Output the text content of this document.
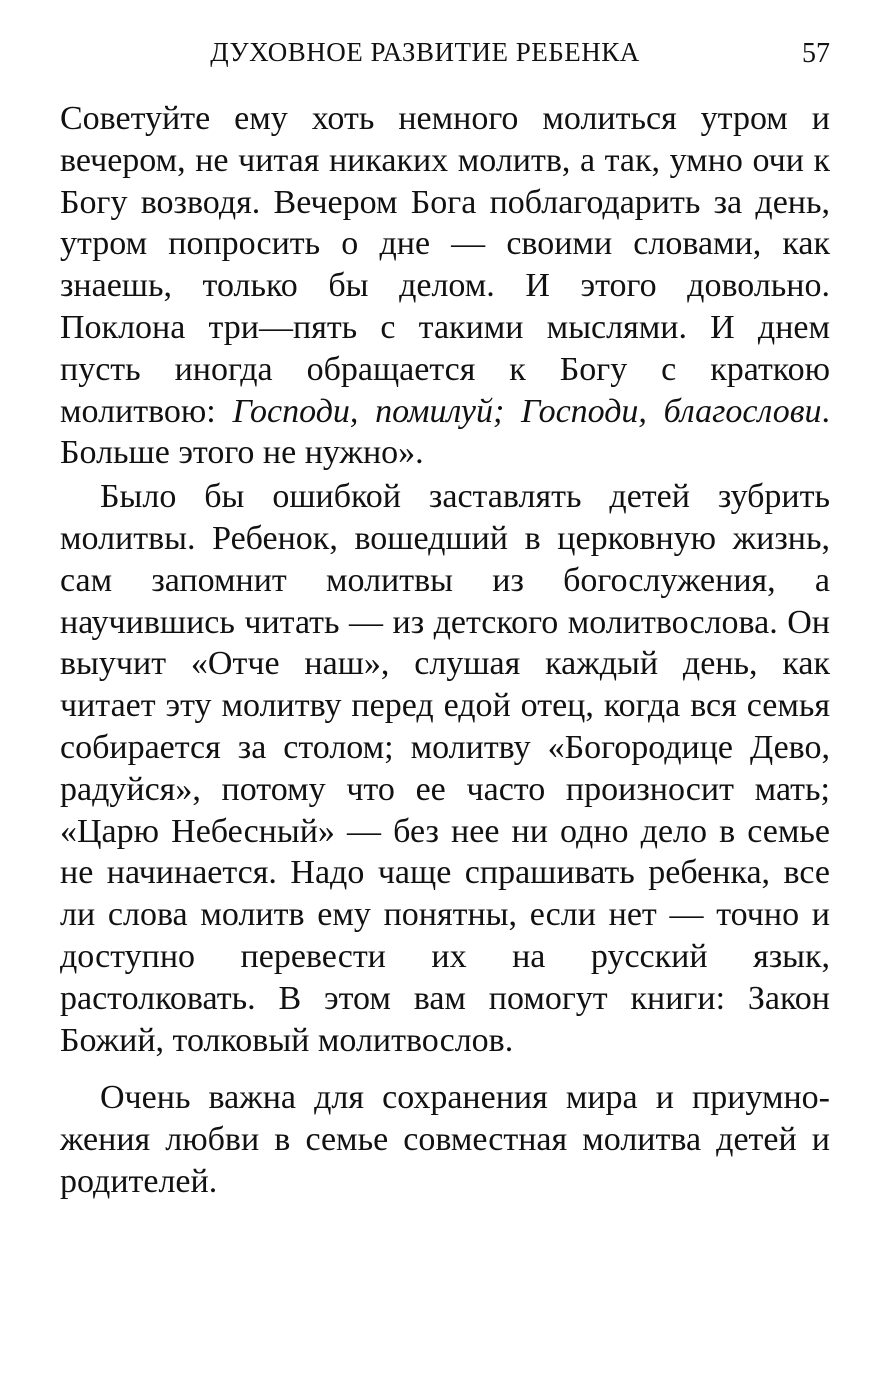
ДУХОВНОЕ РАЗВИТИЕ РЕБЕНКА	57

Советуйте ему хоть немного молиться утром и вечером, не читая никаких молитв, а так, умно очи к Богу возводя. Вечером Бога поблагодарить за день, утром попросить о дне — своими словами, как знаешь, только бы делом. И этого довольно. Поклона три—пять с такими мыслями. И днем пусть иногда обращается к Богу с краткою молитвою: Господи, помилуй; Господи, благослови. Больше этого не нужно».

Было бы ошибкой заставлять детей зубрить молитвы. Ребенок, вошедший в церковную жизнь, сам запомнит молитвы из богослужения, а научившись читать — из детского молитвослова. Он выучит «Отче наш», слушая каждый день, как читает эту молитву перед едой отец, когда вся семья собирается за столом; молитву «Богородице Дево, радуйся», потому что ее часто произносит мать; «Царю Небесный» — без нее ни одно дело в семье не начинается. Надо чаще спрашивать ребенка, все ли слова молитв ему понятны, если нет — точно и доступно перевести их на русский язык, растолковать. В этом вам помогут книги: Закон Божий, толковый молитвослов.

Очень важна для сохранения мира и приумножения любви в семье совместная молитва детей и родителей.
